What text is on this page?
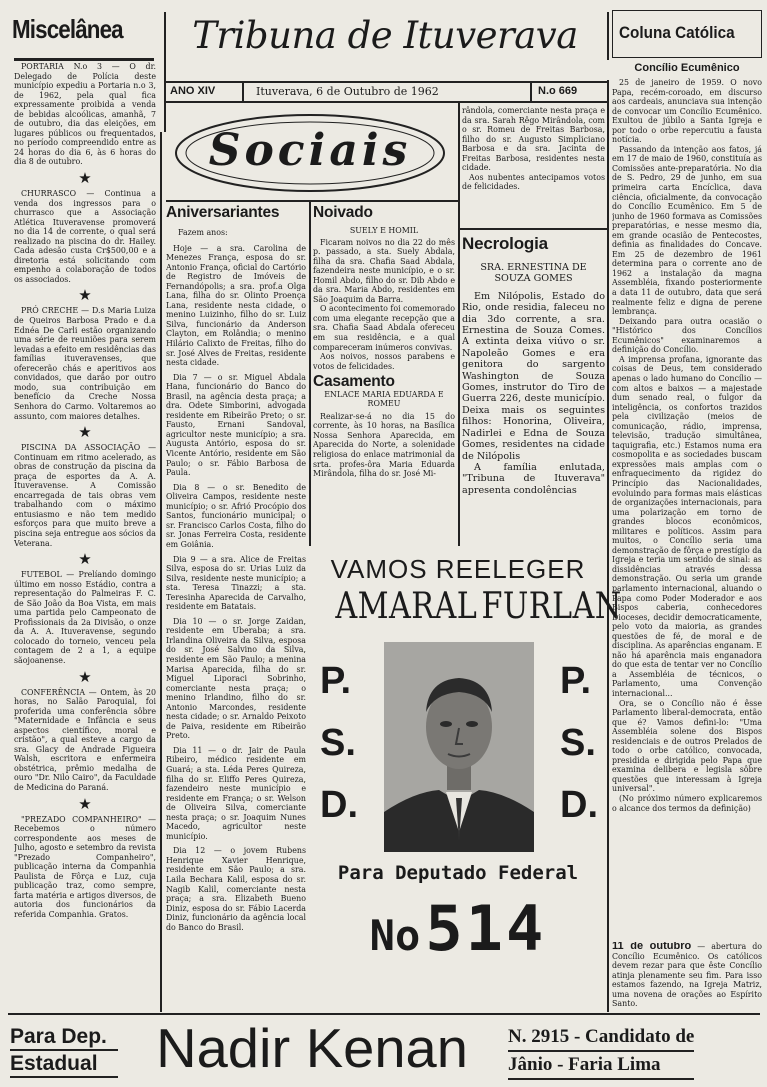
Miscelânea	Tribuna de Ituverava	Coluna Católica
Concílio Ecumênico
ANO XIV	Ituverava, 6 de Outubro de 1962	N.o 669

PORTARIA N.o 3 — O dr. Delegado de Polícia deste município expediu a Portaria n.o 3, de 1962, pela qual fica expressamente proibida a venda de bebidas alcoólicas, amanhã, 7 de outubro, dia das eleições, em lugares públicos ou frequentados, no período compreendido entre as 24 horas do dia 6, às 6 horas do dia 8 de outubro.

★

CHURRASCO — Continua a venda dos ingressos para o churrasco que a Associação Atlética Ituveravense promoverá no dia 14 de corrente, o qual será realizado na piscina do dr. Hailey. Cada adesão custa Cr$500,00 e a diretoria está solicitando com empenho a colaboração de todos os associados.

★

PRÓ CRECHE — D.s Maria Luiza de Queiros Barbosa Prado e d.a Ednéa De Carli estão organizando uma série de reuniões para serem levadas a efeito em residências das famílias ituveravenses, que oferecerão chás e aperitivos aos convidados, que darão por outro modo, sua contribuição em benefício da Creche Nossa Senhora do Carmo. Voltaremos ao assunto, com maiores detalhes.

★

PISCINA DA ASSOCIAÇÃO — Continuam em ritmo acelerado, as obras de construção da piscina da praça de esportes da A. A. Ituveravense. A Comissão encarregada de tais obras vem trabalhando com o máximo entusiasmo e não tem medido esforços para que muito breve a piscina seja entregue aos sócios da Veterana.

★

FUTEBOL — Prelíando domingo último em nosso Estádio, contra a representação do Palmeiras F. C. de São João da Boa Vista, em mais uma partida pelo Campeonato de Profissionais da 2a Divisão, o onze da A. A. Ituveravense, segundo colocado do torneio, venceu pela contagem de 2 a 1, a equipe sãojoanense.

★

CONFERÊNCIA — Ontem, às 20 horas, no Salão Paroquial, foi proferida uma conferência sôbre "Maternidade e Infância e seus aspectos científico, moral e cristão", a qual esteve a cargo da sra. Glacy de Andrade Figueira Walsh, escritora e enfermeira obstétrica, prêmio medalha de ouro "Dr. Nilo Cairo", da Faculdade de Medicina do Paraná.

★

"PREZADO COMPANHEIRO" — Recebemos o número correspondente aos meses de Julho, agosto e setembro da revista "Prezado Companheiro", publicação interna da Companhia Paulista de Fôrça e Luz, cuja publicação traz, como sempre, farta matéria e artigos diversos, de autoria dos funcionários da referida Companhia. Gratos.

Sociais
Aniversariantes

Fazem anos:

Hoje — a sra. Carolina de Menezes França, esposa do sr. Antonio França, oficial do Cartório de Registro de Imóveis de Fernandópolis; a sra. prof.a Olga Lana, filha do sr. Olinto Proença Lana, residente nesta cidade, o menino Luizinho, filho do sr. Luiz Silva, funcionário da Anderson Clayton, em Rolândia; o menino Hilário Calixto de Freitas, filho do sr. José Alves de Freitas, residente nesta cidade.

Dia 7 — o sr. Miguel Abdala Hana, funcionário do Banco do Brasil, na agência desta praça; a dra. Odete Simborini, advogada residente em Ribeirão Preto; o sr. Fausto, Ernani Sandoval, agricultor neste município; a sra. Augusta Antório, esposa do sr. Vicente Antório, residente em São Paulo; o sr. Fábio Barbosa de Paula.

Dia 8 — o sr. Benedito de Oliveira Campos, residente neste município; o sr. Afrió Procópio dos Santos, funcionário municipal; o sr. Francisco Carlos Costa, filho do sr. Jonas Ferreira Costa, residente em Goiânia.

Dia 9 — a sra. Alice de Freitas Silva, esposa do sr. Urias Luiz da Silva, residente neste município; a sta. Teresa Tinazzi; a sta. Teresinha Aparecida de Carvalho, residente em Batatais.

Dia 10 — o sr. Jorge Zaidan, residente em Uberaba; a sra. Irlandina Oliveira da Silva, esposa do sr. José Salvino da Silva, residente em São Paulo; a menina Marisa Aparecida, filha do sr. Miguel Liporaci Sobrinho, comerciante nesta praça; o menino Irlandino, filho do sr. Antonio Marcondes, residente nesta cidade; o sr. Arnaldo Peixoto de Paiva, residente em Ribeirão Preto.

Dia 11 — o dr. Jair de Paula Ribeiro, médico residente em Guará; a sta. Léda Peres Quireza, filha do sr. Eliffo Peres Quireza, fazendeiro neste município e residente em França; o sr. Welson de Oliveira Silva, comerciante nesta praça; o sr. Joaquim Nunes Macedo, agricultor neste município.

Dia 12 — o jovem Rubens Henrique Xavier Henrique, residente em São Paulo; a sra. Laila Bechara Kalil, esposa do sr. Nagib Kalil, comerciante nesta praça; a sra. Elizabeth Bueno Diniz, esposa do sr. Fábio Lacerda Diniz, funcionário da agência local do Banco do Brasil.

Noivado
SUELY E HOMIL

Ficaram noivos no dia 22 do mês p. passado, a sta. Suely Abdala, filha da sra. Chafia Saad Abdala, fazendeira neste município, e o sr. Homil Abdo, filho do sr. Dib Abdo e da sra. Maria Abdo, residentes em São Joaquim da Barra.

O acontecimento foi comemorado com uma elegante recepção que a sra. Chafia Saad Abdala ofereceu em sua residência, e a qual compareceram inúmeros convivas.

Aos noivos, nossos parabens e votos de felicidades.

Casamento
ENLACE MARIA EDUARDA E ROMEU

Realizar-se-á no dia 15 do corrente, às 10 horas, na Basílica Nossa Senhora Aparecida, em Aparecida do Norte, a solenidade religiosa do enlace matrimonial da srta. profes-ôra Maria Eduarda Mirândola, filha do sr. José Mi-

rândola, comerciante nesta praça e da sra. Sarah Rêgo Mirândola, com o sr. Romeu de Freitas Barbosa, filho do sr. Augusto Simpliciano Barbosa e da sra. Jacinta de Freitas Barbosa, residentes nesta cidade.

Aos nubentes antecipamos votos de felicidades.

Necrologia
SRA. ERNESTINA DE SOUZA GOMES

Em Nilópolis, Estado do Rio, onde residia, faleceu no dia 3do corrente, a sra. Ernestina de Souza Comes. A extinta deixa viúvo o sr. Napoleão Gomes e era genitora do sargento Washington de Souza Gomes, instrutor do Tiro de Guerra 226, deste município. Deixa mais os seguintes filhos: Honorina, Oliveira, Nadirlei e Edna de Souza Gomes, residentes na cidade de Nilópolis

A família enlutada, "Tribuna de Ituverava" apresenta condolências

VAMOS REELEGER
AMARAL FURLAN
P.
S.
D.
P.
S.
D.
Para Deputado Federal
No 514

25 de janeiro de 1959. O novo Papa, recém-coroado, em discurso aos cardeais, anunciava sua intenção de convocar um Concílio Ecumênico. Exultou de júbilo a Santa Igreja e por todo o orbe repercutiu a fausta notícia.

Passando da intenção aos fatos, já em 17 de maio de 1960, constituía as Comissões ante-preparatória. No dia de S. Pedro, 29 de junho, em sua primeira carta Encíclica, dava ciência, oficialmente, da convocação do Concílio Ecumênico. Em 5 de junho de 1960 formava as Comissões preparatórias, e nesse mesmo dia, em grande ocasião de Pentecostes, definia as finalidades do Concave. Em 25 de dezembro de 1961 determina para o corrente ano de 1962 a instalação da magna Assembléia, fixando posteriormente a data 11 de outubro, data que será realmente feliz e digna de perene lembrança.

Deixando para outra ocasião o "Histórico dos Concílios Ecumênicos" examinaremos a definição do Concílio.

A imprensa profana, ignorante das coisas de Deus, tem considerado apenas o lado humano do Concílio — com altos e baixos — a majestade dum senado real, o fulgor da inteligência, os confortos trazidos pela civilização (meios de comunicação, rádio, imprensa, televisão, tradução simultânea, taquigrafia, etc.) Estamos numa era cosmopolita e as sociedades buscam expressões mais amplas com o enfraquecimento da rigidez do Princípio das Nacionalidades, evoluindo para formas mais elásticas de organizações internacionais, para uma polarização em torno de grandes blocos econômicos, militares e políticos. Assim para muitos, o Concílio seria uma demonstração de fôrça e prestígio da Igreja e teria um sentido de sinal: as dissidências através dessa demonstração. Ou seria um grande parlamento internacional, aluando o Papa como Poder Moderador e aos Bispos caberia, conhecedores Dioceses, decidir democraticamente, pelo voto da maioria, as grandes questões de fé, de moral e de disciplina. As aparências enganam. E não há aparência mais enganadora do que esta de tentar ver no Concílio a Assembléia de técnicos, o Parlamento, uma Convenção internacional...

Ora, se o Concílio não é êsse Parlamento liberal-democrata, então que é? Vamos defini-lo: "Uma Assembléia solene dos Bispos residenciais e de outros Prelados de todo o orbe católico, convocada, presidida e dirigida pelo Papa que examina delibera e legisla sôbre questões que interessam à Igreja universal".

(No próximo número explicaremos o alcance dos termos da definição)

11 de outubro — abertura do Concílio Ecumênico. Os católicos devem rezar para que êste Concílio atinja plenamente seu fim. Para isso estamos fazendo, na Igreja Matriz, uma novena de orações ao Espírito Santo.
Para Dep.
Estadual	Nadir Kenan	N. 2915 - Candidato de
Jânio - Faria Lima
